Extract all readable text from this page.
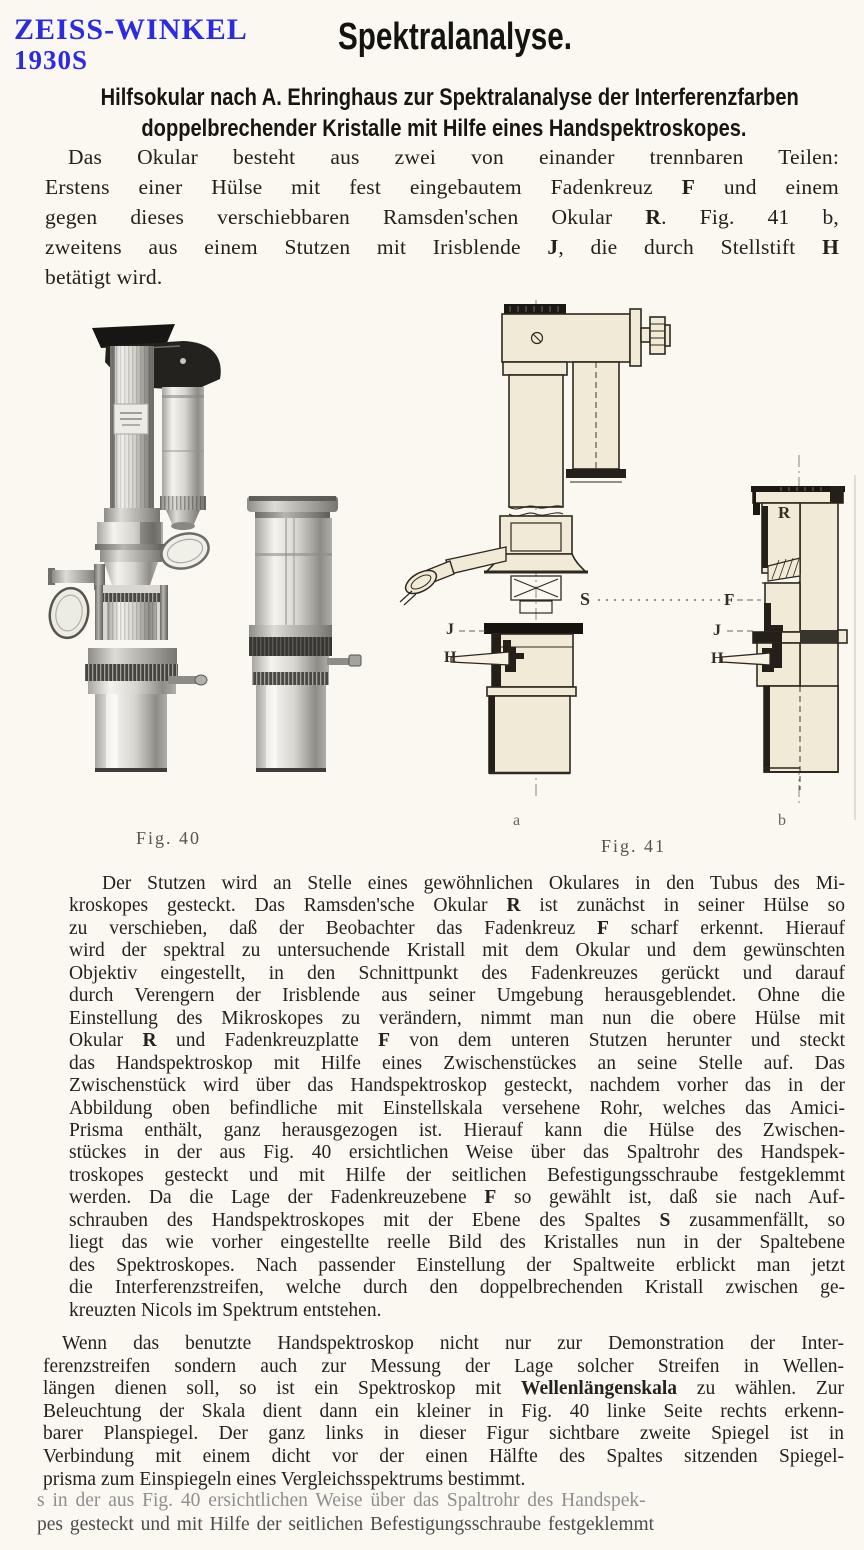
ZEISS-WINKEL
1930S
Spektralanalyse.
Hilfsokular nach A. Ehringhaus zur Spektralanalyse der Interferenzfarben
doppelbrechender Kristalle mit Hilfe eines Handspektroskopes.
Das Okular besteht aus zwei von einander trennbaren Teilen:
Erstens einer Hülse mit fest eingebautem Fadenkreuz F und einem
gegen dieses verschiebbaren Ramsden'schen Okular R. Fig. 41 b,
zweitens aus einem Stutzen mit Irisblende J, die durch Stellstift H
betätigt wird.
S	F
J
H
J
H
R
a	b
Fig. 40	Fig. 41
Der Stutzen wird an Stelle eines gewöhnlichen Okulares in den Tubus des Mi-
kroskopes gesteckt. Das Ramsden'sche Okular R ist zunächst in seiner Hülse so
zu verschieben, daß der Beobachter das Fadenkreuz F scharf erkennt. Hierauf
wird der spektral zu untersuchende Kristall mit dem Okular und dem gewünschten
Objektiv eingestellt, in den Schnittpunkt des Fadenkreuzes gerückt und darauf
durch Verengern der Irisblende aus seiner Umgebung herausgeblendet. Ohne die
Einstellung des Mikroskopes zu verändern, nimmt man nun die obere Hülse mit
Okular R und Fadenkreuzplatte F von dem unteren Stutzen herunter und steckt
das Handspektroskop mit Hilfe eines Zwischenstückes an seine Stelle auf. Das
Zwischenstück wird über das Handspektroskop gesteckt, nachdem vorher das in der
Abbildung oben befindliche mit Einstellskala versehene Rohr, welches das Amici-
Prisma enthält, ganz herausgezogen ist. Hierauf kann die Hülse des Zwischen-
stückes in der aus Fig. 40 ersichtlichen Weise über das Spaltrohr des Handspek-
troskopes gesteckt und mit Hilfe der seitlichen Befestigungsschraube festgeklemmt
werden. Da die Lage der Fadenkreuzebene F so gewählt ist, daß sie nach Auf-
schrauben des Handspektroskopes mit der Ebene des Spaltes S zusammenfällt, so
liegt das wie vorher eingestellte reelle Bild des Kristalles nun in der Spaltebene
des Spektroskopes. Nach passender Einstellung der Spaltweite erblickt man jetzt
die Interferenzstreifen, welche durch den doppelbrechenden Kristall zwischen ge-
kreuzten Nicols im Spektrum entstehen.
Wenn das benutzte Handspektroskop nicht nur zur Demonstration der Inter-
ferenzstreifen sondern auch zur Messung der Lage solcher Streifen in Wellen-
längen dienen soll, so ist ein Spektroskop mit Wellenlängenskala zu wählen. Zur
Beleuchtung der Skala dient dann ein kleiner in Fig. 40 linke Seite rechts erkenn-
barer Planspiegel. Der ganz links in dieser Figur sichtbare zweite Spiegel ist in
Verbindung mit einem dicht vor der einen Hälfte des Spaltes sitzenden Spiegel-
prisma zum Einspiegeln eines Vergleichsspektrums bestimmt.
s in der aus Fig. 40 ersichtlichen Weise über das Spaltrohr des Handspek-
pes gesteckt und mit Hilfe der seitlichen Befestigungsschraube festgeklemmt
